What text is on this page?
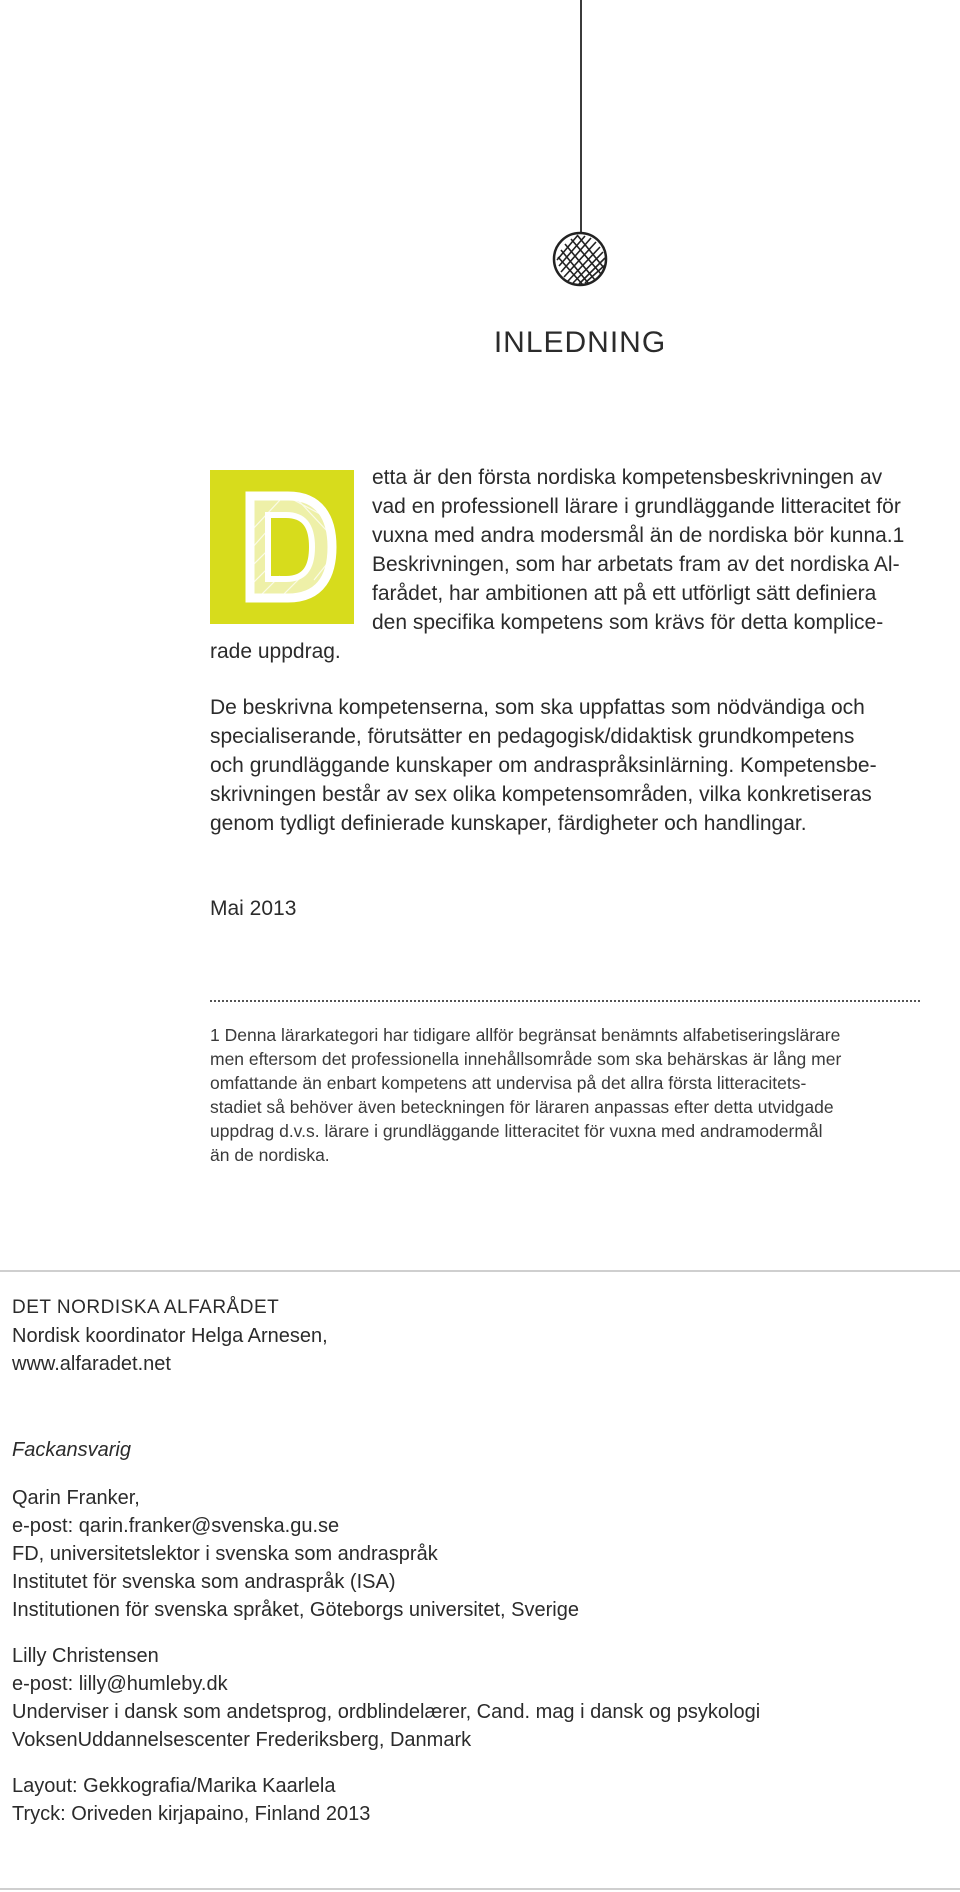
INLEDNING
etta är den första nordiska kompetensbeskrivningen av
vad en professionell lärare i grundläggande litteracitet för
vuxna med andra modersmål än de nordiska bör kunna.1
Beskrivningen, som har arbetats fram av det nordiska Al-
farådet, har ambitionen att på ett utförligt sätt definiera
den specifika kompetens som krävs för detta komplice-
rade uppdrag.
De beskrivna kompetenserna, som ska uppfattas som nödvändiga och
specialiserande, förutsätter en pedagogisk/didaktisk grundkompetens
och grundläggande kunskaper om andraspråksinlärning. Kompetensbe-
skrivningen består av sex olika kompetensområden, vilka konkretiseras
genom tydligt definierade kunskaper, färdigheter och handlingar.
Mai 2013
1 Denna lärarkategori har tidigare allför begränsat benämnts alfabetiseringslärare
men eftersom det professionella innehållsområde som ska behärskas är lång mer
omfattande än enbart kompetens att undervisa på det allra första litteracitets-
stadiet så behöver även beteckningen för läraren anpassas efter detta utvidgade
uppdrag d.v.s. lärare i grundläggande litteracitet för vuxna med andramodermål
än de nordiska.
DET NORDISKA ALFARÅDET
Nordisk koordinator Helga Arnesen,
www.alfaradet.net
Fackansvarig
Qarin Franker,
e-post: qarin.franker@svenska.gu.se
FD, universitetslektor i svenska som andraspråk
Institutet för svenska som andraspråk (ISA)
Institutionen för svenska språket, Göteborgs universitet, Sverige
Lilly Christensen
e-post: lilly@humleby.dk
Underviser i dansk som andetsprog, ordblindelærer, Cand. mag i dansk og psykologi
VoksenUddannelsescenter Frederiksberg, Danmark
Layout: Gekkografia/Marika Kaarlela
Tryck: Oriveden kirjapaino, Finland 2013
